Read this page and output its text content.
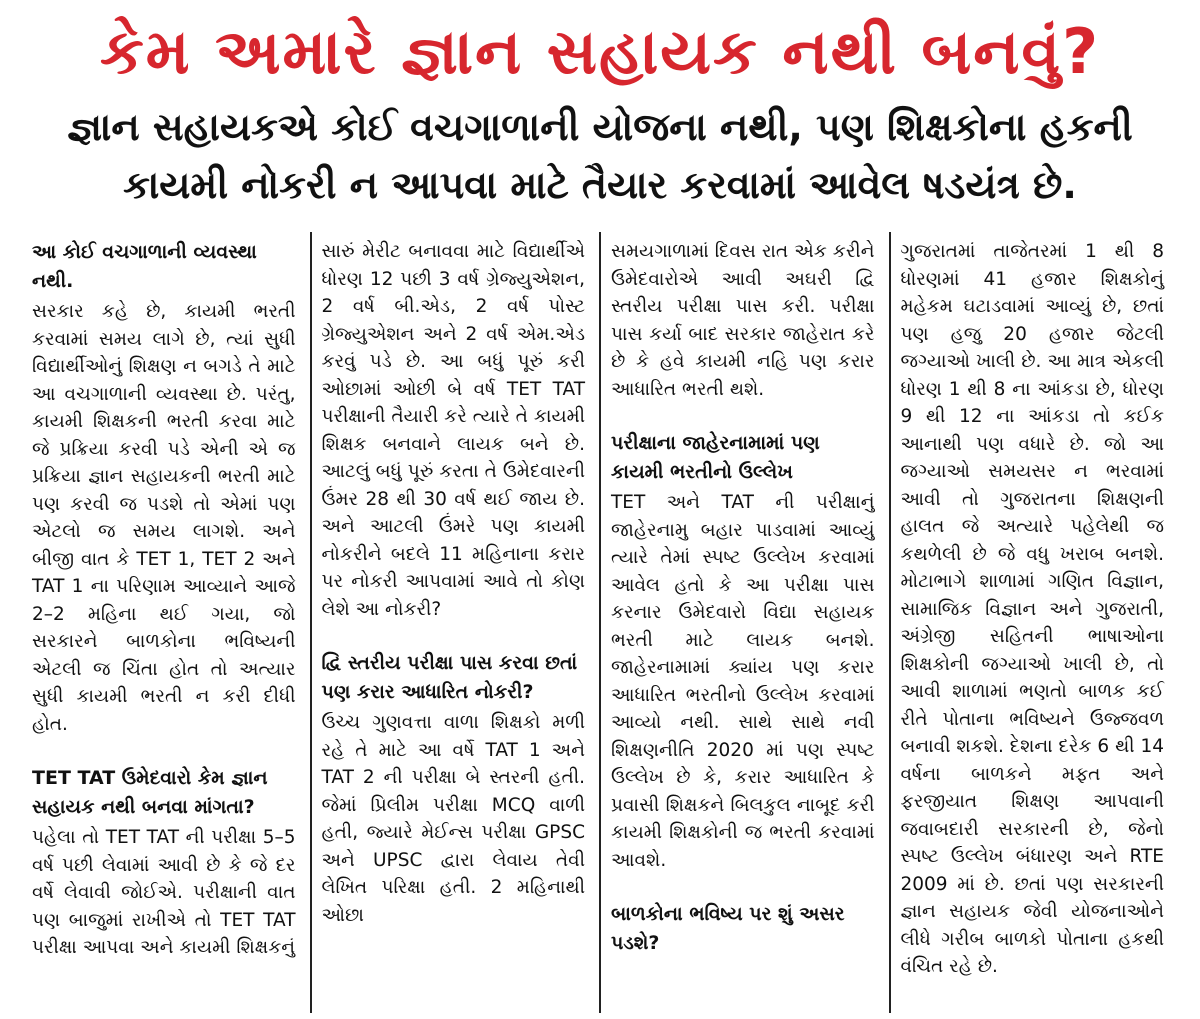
કેમ અમારે જ્ઞાન સહાયક નથી બનવું?
જ્ઞાન સહાયકએ કોઈ વચગાળાની યોજના નથી, પણ શિક્ષકોના હકની
કાયમી નોકરી ન આપવા માટે તૈયાર કરવામાં આવેલ ષડયંત્ર છે.
આ કોઈ વચગાળાની વ્યવસ્થા નથી.

સરકાર કહે છે, કાયમી ભરતી કરવામાં સમય લાગે છે, ત્યાં સુધી વિદ્યાર્થીઓનું શિક્ષણ ન બગડે તે માટે આ વચગાળાની વ્યવસ્થા છે. પરંતુ, કાયમી શિક્ષકની ભરતી કરવા માટે જે પ્રક્રિયા કરવી પડે એની એ જ પ્રક્રિયા જ્ઞાન સહાયકની ભરતી માટે પણ કરવી જ પડશે તો એમાં પણ એટલો જ સમય લાગશે. અને બીજી વાત કે TET 1, TET 2 અને TAT 1 ના પરિણામ આવ્યાને આજે 2–2 મહિના થઈ ગયા, જો સરકારને બાળકોના ભવિષ્યની એટલી જ ચિંતા હોત તો અત્યાર સુધી કાયમી ભરતી ન કરી દીધી હોત.

TET TAT ઉમેદવારો કેમ જ્ઞાન સહાયક નથી બનવા માંગતા?

પહેલા તો TET TAT ની પરીક્ષા 5–5 વર્ષ પછી લેવામાં આવી છે કે જે દર વર્ષે લેવાવી જોઈએ. પરીક્ષાની વાત પણ બાજુમાં રાખીએ તો TET TAT પરીક્ષા આપવા અને કાયમી શિક્ષકનું

સારું મેરીટ બનાવવા માટે વિદ્યાર્થીએ ધોરણ 12 પછી 3 વર્ષ ગ્રેજ્યુએશન, 2 વર્ષ બી.એડ, 2 વર્ષ પોસ્ટ ગ્રેજ્યુએશન અને 2 વર્ષ એમ.એડ કરવું પડે છે. આ બધું પૂરું કરી ઓછામાં ઓછી બે વર્ષ TET TAT પરીક્ષાની તૈયારી કરે ત્યારે તે કાયમી શિક્ષક બનવાને લાયક બને છે. આટલું બધું પૂરું કરતા તે ઉમેદવારની ઉંમર 28 થી 30 વર્ષ થઈ જાય છે. અને આટલી ઉંમરે પણ કાયમી નોકરીને બદલે 11 મહિનાના કરાર પર નોકરી આપવામાં આવે તો કોણ લેશે આ નોકરી?

દ્વિ સ્તરીય પરીક્ષા પાસ કરવા છતાં પણ કરાર આધારિત નોકરી?

ઉચ્ચ ગુણવત્તા વાળા શિક્ષકો મળી રહે તે માટે આ વર્ષે TAT 1 અને TAT 2 ની પરીક્ષા બે સ્તરની હતી. જેમાં પ્રિલીમ પરીક્ષા MCQ વાળી હતી, જ્યારે મેઈન્સ પરીક્ષા GPSC અને UPSC દ્વારા લેવાય તેવી લેખિત પરિક્ષા હતી. 2 મહિનાથી ઓછા

સમયગાળામાં દિવસ રાત એક કરીને ઉમેદવારોએ આવી અઘરી દ્વિ સ્તરીય પરીક્ષા પાસ કરી. પરીક્ષા પાસ કર્યા બાદ સરકાર જાહેરાત કરે છે કે હવે કાયમી નહિ પણ કરાર આધારિત ભરતી થશે.

પરીક્ષાના જાહેરનામામાં પણ કાયમી ભરતીનો ઉલ્લેખ

TET અને TAT ની પરીક્ષાનું જાહેરનામુ બહાર પાડવામાં આવ્યું ત્યારે તેમાં સ્પષ્ટ ઉલ્લેખ કરવામાં આવેલ હતો કે આ પરીક્ષા પાસ કરનાર ઉમેદવારો વિદ્યા સહાયક ભરતી માટે લાયક બનશે. જાહેરનામામાં ક્યાંય પણ કરાર આધારિત ભરતીનો ઉલ્લેખ કરવામાં આવ્યો નથી. સાથે સાથે નવી શિક્ષણનીતિ 2020 માં પણ સ્પષ્ટ ઉલ્લેખ છે કે, કરાર આધારિત કે પ્રવાસી શિક્ષકને બિલકુલ નાબૂદ કરી કાયમી શિક્ષકોની જ ભરતી કરવામાં આવશે.

બાળકોના ભવિષ્ય પર શું અસર પડશે?

ગુજરાતમાં તાજેતરમાં 1 થી 8 ધોરણમાં 41 હજાર શિક્ષકોનું મહેકમ ઘટાડવામાં આવ્યું છે, છતાં પણ હજુ 20 હજાર જેટલી જગ્યાઓ ખાલી છે. આ માત્ર એકલી ધોરણ 1 થી 8 ના આંકડા છે, ધોરણ 9 થી 12 ના આંકડા તો કઈક આનાથી પણ વધારે છે. જો આ જગ્યાઓ સમયસર ન ભરવામાં આવી તો ગુજરાતના શિક્ષણની હાલત જે અત્યારે પહેલેથી જ કથળેલી છે જે વધુ ખરાબ બનશે. મોટાભાગે શાળામાં ગણિત વિજ્ઞાન, સામાજિક વિજ્ઞાન અને ગુજરાતી, અંગ્રેજી સહિતની ભાષાઓના શિક્ષકોની જગ્યાઓ ખાલી છે, તો આવી શાળામાં ભણતો બાળક કઈ રીતે પોતાના ભવિષ્યને ઉજ્જવળ બનાવી શકશે. દેશના દરેક 6 થી 14 વર્ષના બાળકને મફત અને ફરજીયાત શિક્ષણ આપવાની જવાબદારી સરકારની છે, જેનો સ્પષ્ટ ઉલ્લેખ બંધારણ અને RTE 2009 માં છે. છતાં પણ સરકારની જ્ઞાન સહાયક જેવી યોજનાઓને લીધે ગરીબ બાળકો પોતાના હકથી વંચિત રહે છે.
